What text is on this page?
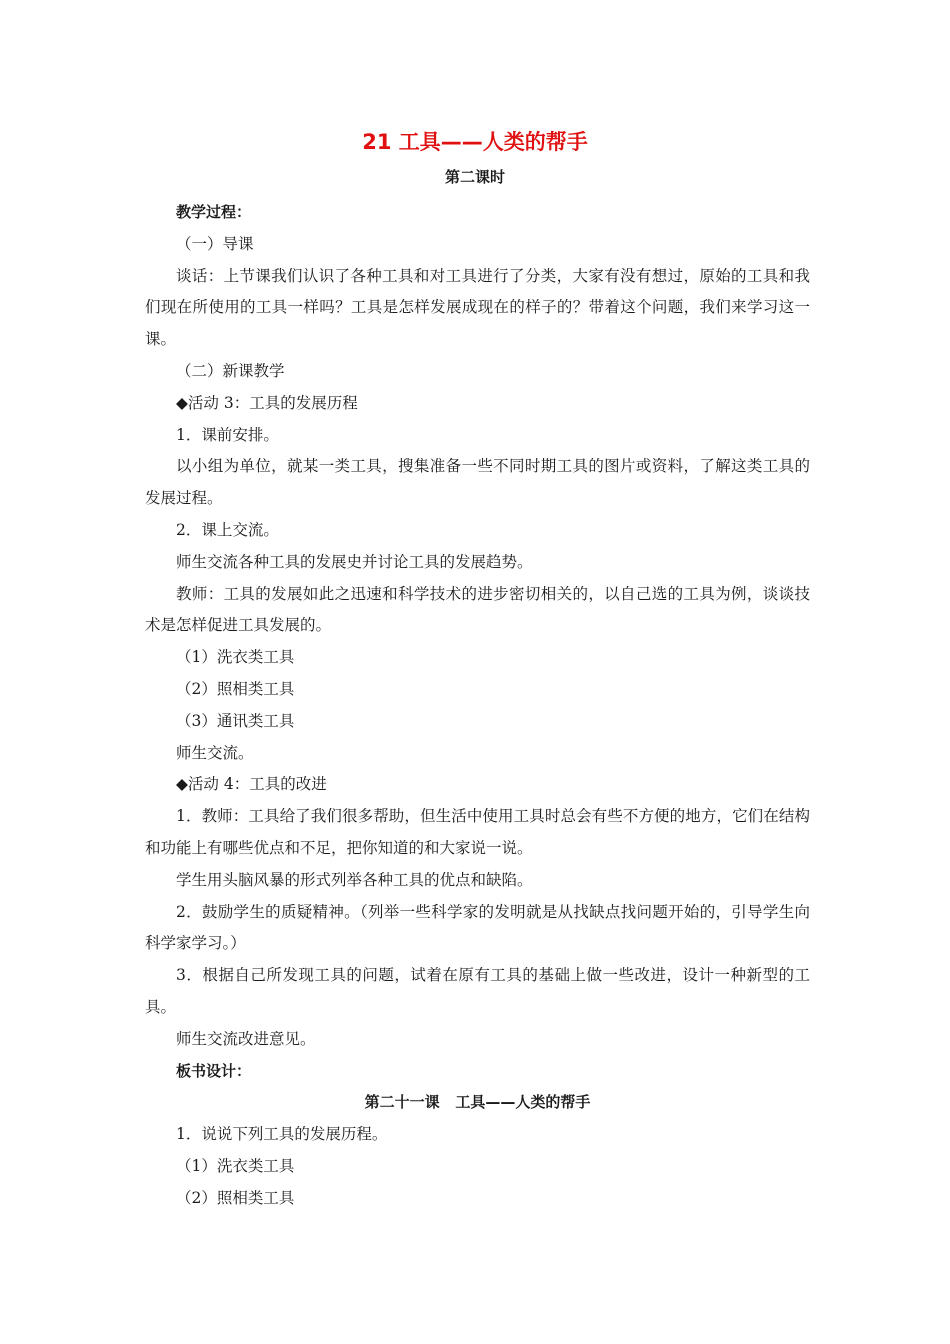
21 工具——人类的帮手
第二课时

教学过程：

（一）导课

谈话：上节课我们认识了各种工具和对工具进行了分类，大家有没有想过，原始的工具和我们现在所使用的工具一样吗？工具是怎样发展成现在的样子的？带着这个问题，我们来学习这一课。

（二）新课教学

◆活动 3：工具的发展历程

1．课前安排。

以小组为单位，就某一类工具，搜集准备一些不同时期工具的图片或资料，了解这类工具的发展过程。

2．课上交流。

师生交流各种工具的发展史并讨论工具的发展趋势。

教师：工具的发展如此之迅速和科学技术的进步密切相关的，以自己选的工具为例，谈谈技术是怎样促进工具发展的。

（1）洗衣类工具

（2）照相类工具

（3）通讯类工具

师生交流。

◆活动 4：工具的改进

1．教师：工具给了我们很多帮助，但生活中使用工具时总会有些不方便的地方，它们在结构和功能上有哪些优点和不足，把你知道的和大家说一说。

学生用头脑风暴的形式列举各种工具的优点和缺陷。

2．鼓励学生的质疑精神。（列举一些科学家的发明就是从找缺点找问题开始的，引导学生向科学家学习。）

3．根据自己所发现工具的问题，试着在原有工具的基础上做一些改进，设计一种新型的工具。

师生交流改进意见。

板书设计：

第二十一课   工具——人类的帮手

1．说说下列工具的发展历程。

（1）洗衣类工具

（2）照相类工具
